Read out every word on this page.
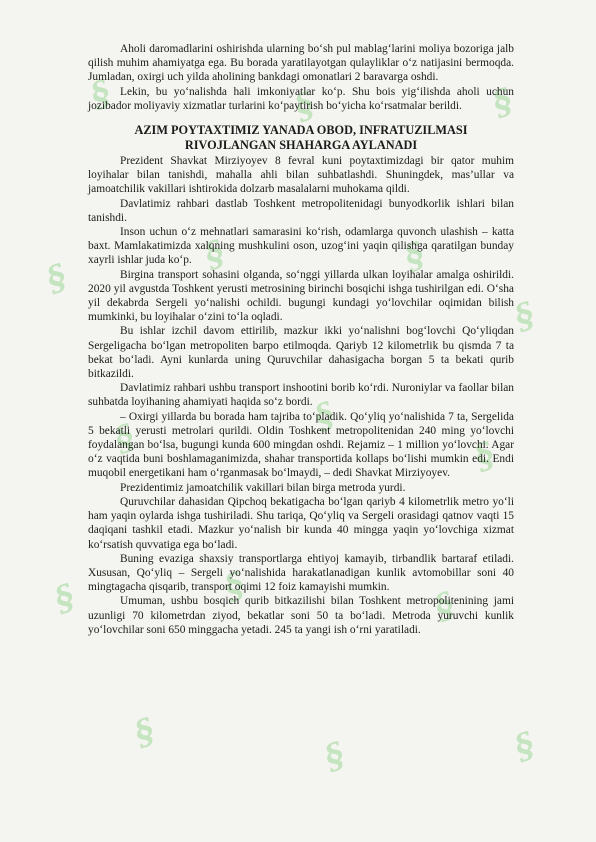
§	§	§
§
§	§
§
§
§
§
§	§	§
§
§	§

Aholi daromadlarini oshirishda ularning bo‘sh pul mablag‘larini moliya bozoriga jalb qilish muhim ahamiyatga ega. Bu borada yaratilayotgan qulayliklar o‘z natijasini bermoqda. Jumladan, oxirgi uch yilda aholining bankdagi omonatlari 2 baravarga oshdi.

Lekin, bu yo‘nalishda hali imkoniyatlar ko‘p. Shu bois yig‘ilishda aholi uchun jozibador moliyaviy xizmatlar turlarini ko‘paytirish bo‘yicha ko‘rsatmalar berildi.

AZIM POYTAXTIMIZ YANADA OBOD, INFRATUZILMASI
RIVOJLANGAN SHAHARGA AYLANADI

Prezident Shavkat Mirziyoyev 8 fevral kuni poytaxtimizdagi bir qator muhim loyihalar bilan tanishdi, mahalla ahli bilan suhbatlashdi. Shuningdek, mas’ullar va jamoatchilik vakillari ishtirokida dolzarb masalalarni muhokama qildi.

Davlatimiz rahbari dastlab Toshkent metropolitenidagi bunyodkorlik ishlari bilan tanishdi.

Inson uchun o‘z mehnatlari samarasini ko‘rish, odamlarga quvonch ulashish – katta baxt. Mamlakatimizda xalqning mushkulini oson, uzog‘ini yaqin qilishga qaratilgan bunday xayrli ishlar juda ko‘p.

Birgina transport sohasini olganda, so‘nggi yillarda ulkan loyihalar amalga oshirildi. 2020 yil avgustda Toshkent yerusti metrosining birinchi bosqichi ishga tushirilgan edi. O‘sha yil dekabrda Sergeli yo‘nalishi ochildi. bugungi kundagi yo‘lovchilar oqimidan bilish mumkinki, bu loyihalar o‘zini to‘la oqladi.

Bu ishlar izchil davom ettirilib, mazkur ikki yo‘nalishni bog‘lovchi Qo‘yliqdan Sergeligacha bo‘lgan metropoliten barpo etilmoqda. Qariyb 12 kilometrlik bu qismda 7 ta bekat bo‘ladi. Ayni kunlarda uning Quruvchilar dahasigacha borgan 5 ta bekati qurib bitkazildi.

Davlatimiz rahbari ushbu transport inshootini borib ko‘rdi. Nuroniylar va faollar bilan suhbatda loyihaning ahamiyati haqida so‘z bordi.

– Oxirgi yillarda bu borada ham tajriba to‘pladik. Qo‘yliq yo‘nalishida 7 ta, Sergelida 5 bekatli yerusti metrolari qurildi. Oldin Toshkent metropolitenidan 240 ming yo‘lovchi foydalangan bo‘lsa, bugungi kunda 600 mingdan oshdi. Rejamiz – 1 million yo‘lovchi. Agar o‘z vaqtida buni boshlamaganimizda, shahar transportida kollaps bo‘lishi mumkin edi. Endi muqobil energetikani ham o‘rganmasak bo‘lmaydi, – dedi Shavkat Mirziyoyev.

Prezidentimiz jamoatchilik vakillari bilan birga metroda yurdi.

Quruvchilar dahasidan Qipchoq bekatigacha bo‘lgan qariyb 4 kilometrlik metro yo‘li ham yaqin oylarda ishga tushiriladi. Shu tariqa, Qo‘yliq va Sergeli orasidagi qatnov vaqti 15 daqiqani tashkil etadi. Mazkur yo‘nalish bir kunda 40 mingga yaqin yo‘lovchiga xizmat ko‘rsatish quvvatiga ega bo‘ladi.

Buning evaziga shaxsiy transportlarga ehtiyoj kamayib, tirbandlik bartaraf etiladi. Xususan, Qo‘yliq – Sergeli yo‘nalishida harakatlanadigan kunlik avtomobillar soni 40 mingtagacha qisqarib, transport oqimi 12 foiz kamayishi mumkin.

Umuman, ushbu bosqich qurib bitkazilishi bilan Toshkent metropolitenining jami uzunligi 70 kilometrdan ziyod, bekatlar soni 50 ta bo‘ladi. Metroda yuruvchi kunlik yo‘lovchilar soni 650 minggacha yetadi. 245 ta yangi ish o‘rni yaratiladi.
